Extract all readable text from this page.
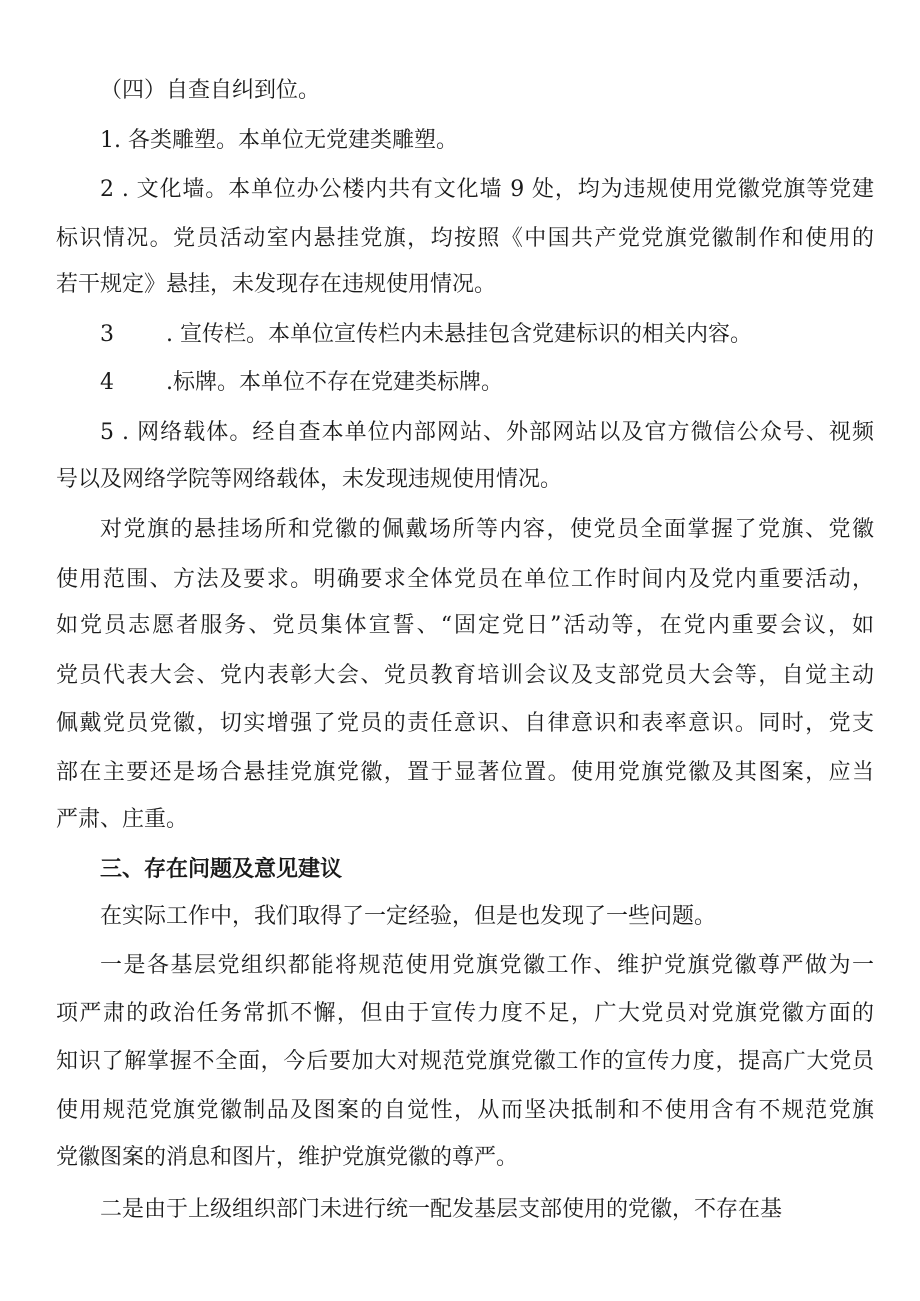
（四）自查自纠到位。
1. 各类雕塑。本单位无党建类雕塑。
2 . 文化墙。本单位办公楼内共有文化墙 9 处，均为违规使用党徽党旗等党建
标识情况。党员活动室内悬挂党旗，均按照《中国共产党党旗党徽制作和使用的
若干规定》悬挂，未发现存在违规使用情况。
3 . 宣传栏。本单位宣传栏内未悬挂包含党建标识的相关内容。
4 .标牌。本单位不存在党建类标牌。
5 . 网络载体。经自查本单位内部网站、外部网站以及官方微信公众号、视频
号以及网络学院等网络载体，未发现违规使用情况。
对党旗的悬挂场所和党徽的佩戴场所等内容，使党员全面掌握了党旗、党徽
使用范围、方法及要求。明确要求全体党员在单位工作时间内及党内重要活动，
如党员志愿者服务、党员集体宣誓、“固定党日”活动等，在党内重要会议，如
党员代表大会、党内表彰大会、党员教育培训会议及支部党员大会等，自觉主动
佩戴党员党徽，切实增强了党员的责任意识、自律意识和表率意识。同时，党支
部在主要还是场合悬挂党旗党徽，置于显著位置。使用党旗党徽及其图案，应当
严肃、庄重。
三、存在问题及意见建议
在实际工作中，我们取得了一定经验，但是也发现了一些问题。
一是各基层党组织都能将规范使用党旗党徽工作、维护党旗党徽尊严做为一
项严肃的政治任务常抓不懈，但由于宣传力度不足，广大党员对党旗党徽方面的
知识了解掌握不全面，今后要加大对规范党旗党徽工作的宣传力度，提高广大党员
使用规范党旗党徽制品及图案的自觉性，从而坚决抵制和不使用含有不规范党旗
党徽图案的消息和图片，维护党旗党徽的尊严。
二是由于上级组织部门未进行统一配发基层支部使用的党徽，不存在基
